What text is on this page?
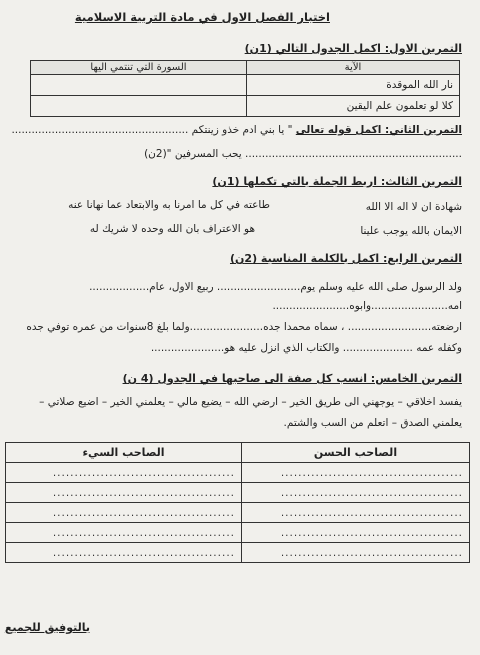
اختبار الفصل الاول في مادة التربية الاسلامية
التمرين الاول: اكمل الجدول التالي (1ن)
الآية	السورة التي تنتمي اليها
نار الله الموقدة	
كلا لو تعلمون علم اليقين	
التمرين الثاني: اكمل قوله تعالى " يا بني ادم خذو زينتكم .....................................................
................................................................. يحب المسرفين "(2ن)
التمرين الثالث: اربط الجملة بالتي تكملها (1ن)
شهادة ان لا اله الا الله
طاعته في كل ما امرنا به والابتعاد عما نهانا عنه
الايمان بالله يوجب علينا
هو الاعتراف بان الله وحده لا شريك له
التمرين الرابع: اكمل بالكلمة المناسبة (2ن)
ولد الرسول صلى الله عليه وسلم يوم......................... ربيع الاول، عام..................
امه.......................وابوه.......................
ارضعته......................... ، سماه محمدا جده......................ولما بلغ 8سنوات من عمره توفي جده
وكفله عمه ..................... والكتاب الذي انزل عليه هو......................
التمرين الخامس: انسب كل صفة الى صاحبها في الجدول (4 ن)
يفسد اخلاقي – يوجهني الى طريق الخير – ارضي الله – يضيع مالي – يعلمني الخير – اضيع صلاتي –
يعلمني الصدق – اتعلم من السب والشتم.
الصاحب الحسن	الصاحب السيء
..........................................	..........................................
..........................................	..........................................
..........................................	..........................................
..........................................	..........................................
..........................................	..........................................
بالتوفيق للجميع
